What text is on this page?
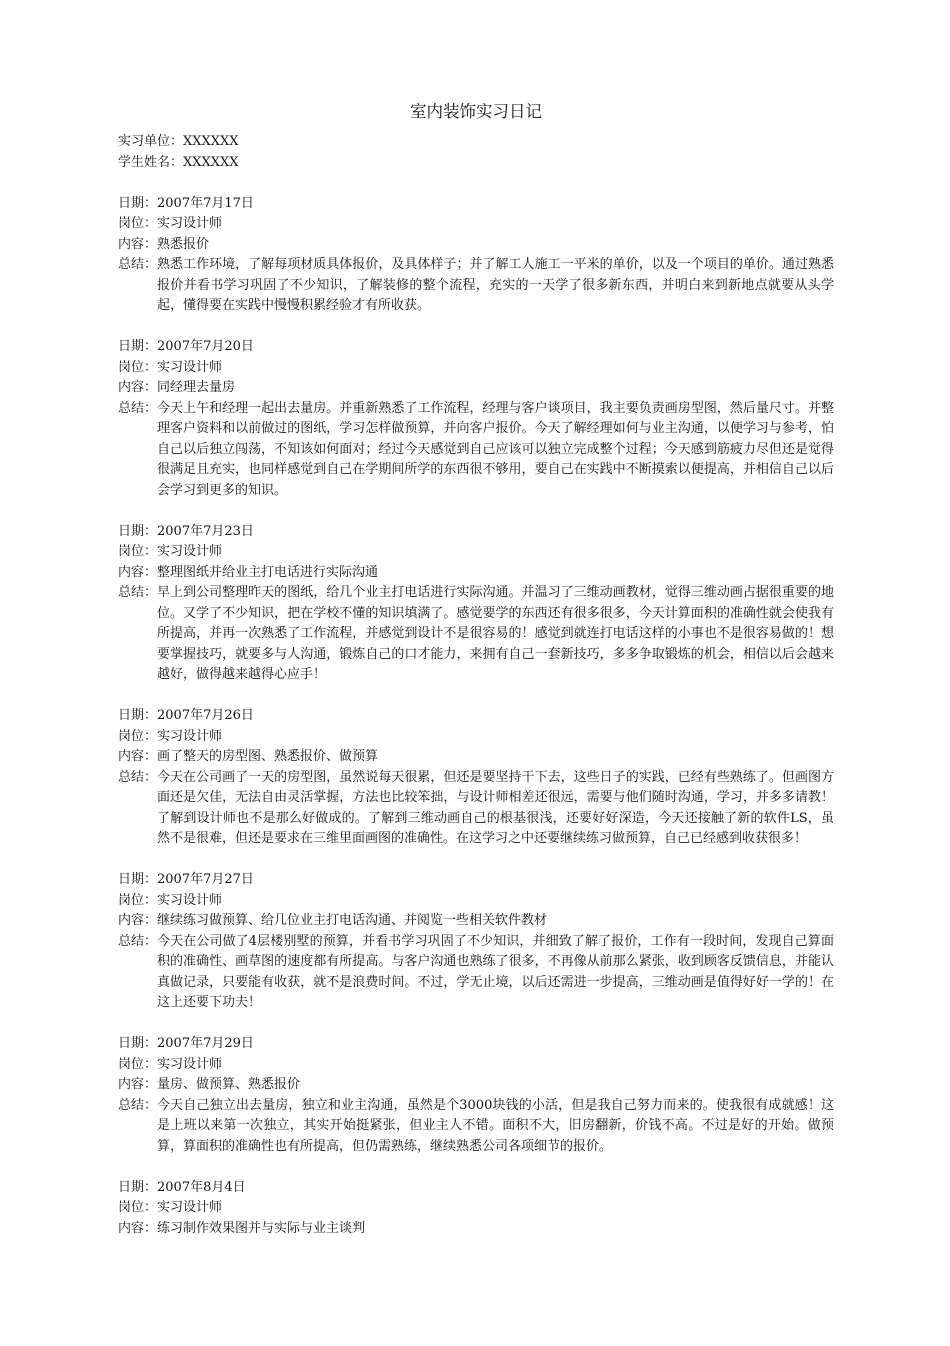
室内装饰实习日记
实习单位：XXXXXX
学生姓名：XXXXXX
日期：2007年7月17日
岗位：实习设计师
内容：熟悉报价
总结： 熟悉工作环境，了解每项材质具体报价，及具体样子；并了解工人施工一平米的单价，以及一个项目的单价。通过熟悉报价并看书学习巩固了不少知识，了解装修的整个流程，充实的一天学了很多新东西，并明白来到新地点就要从头学起，懂得要在实践中慢慢积累经验才有所收获。
日期：2007年7月20日
岗位：实习设计师
内容：同经理去量房
总结： 今天上午和经理一起出去量房。并重新熟悉了工作流程，经理与客户谈项目，我主要负责画房型图，然后量尺寸。并整理客户资料和以前做过的图纸，学习怎样做预算，并向客户报价。今天了解经理如何与业主沟通，以便学习与参考，怕自己以后独立闯荡，不知该如何面对；经过今天感觉到自己应该可以独立完成整个过程；今天感到筋疲力尽但还是觉得很满足且充实，也同样感觉到自己在学期间所学的东西很不够用，要自己在实践中不断摸索以便提高，并相信自己以后会学习到更多的知识。
日期：2007年7月23日
岗位：实习设计师
内容：整理图纸并给业主打电话进行实际沟通
总结： 早上到公司整理昨天的图纸，给几个业主打电话进行实际沟通。并温习了三维动画教材，觉得三维动画占据很重要的地位。又学了不少知识，把在学校不懂的知识填满了。感觉要学的东西还有很多很多，今天计算面积的准确性就会使我有所提高，并再一次熟悉了工作流程，并感觉到设计不是很容易的！感觉到就连打电话这样的小事也不是很容易做的！想要掌握技巧，就要多与人沟通，锻炼自己的口才能力，来拥有自己一套新技巧，多多争取锻炼的机会，相信以后会越来越好，做得越来越得心应手！
日期：2007年7月26日
岗位：实习设计师
内容：画了整天的房型图、熟悉报价、做预算
总结： 今天在公司画了一天的房型图，虽然说每天很累，但还是要坚持干下去，这些日子的实践，已经有些熟练了。但画图方面还是欠佳，无法自由灵活掌握，方法也比较笨拙，与设计师相差还很远，需要与他们随时沟通，学习，并多多请教！了解到设计师也不是那么好做成的。了解到三维动画自己的根基很浅，还要好好深造，今天还接触了新的软件LS，虽然不是很难，但还是要求在三维里面画图的准确性。在这学习之中还要继续练习做预算，自己已经感到收获很多！
日期：2007年7月27日
岗位：实习设计师
内容：继续练习做预算、给几位业主打电话沟通、并阅览一些相关软件教材
总结： 今天在公司做了4层楼别墅的预算，并看书学习巩固了不少知识，并细致了解了报价，工作有一段时间，发现自己算面积的准确性、画草图的速度都有所提高。与客户沟通也熟练了很多，不再像从前那么紧张，收到顾客反馈信息，并能认真做记录，只要能有收获，就不是浪费时间。不过，学无止境，以后还需进一步提高，三维动画是值得好好一学的！在这上还要下功夫！
日期：2007年7月29日
岗位：实习设计师
内容：量房、做预算、熟悉报价
总结： 今天自己独立出去量房，独立和业主沟通，虽然是个3000块钱的小活，但是我自己努力而来的。使我很有成就感！这是上班以来第一次独立，其实开始挺紧张，但业主人不错。面积不大，旧房翻新，价钱不高。不过是好的开始。做预算，算面积的准确性也有所提高，但仍需熟练，继续熟悉公司各项细节的报价。
日期：2007年8月4日
岗位：实习设计师
内容：练习制作效果图并与实际与业主谈判
